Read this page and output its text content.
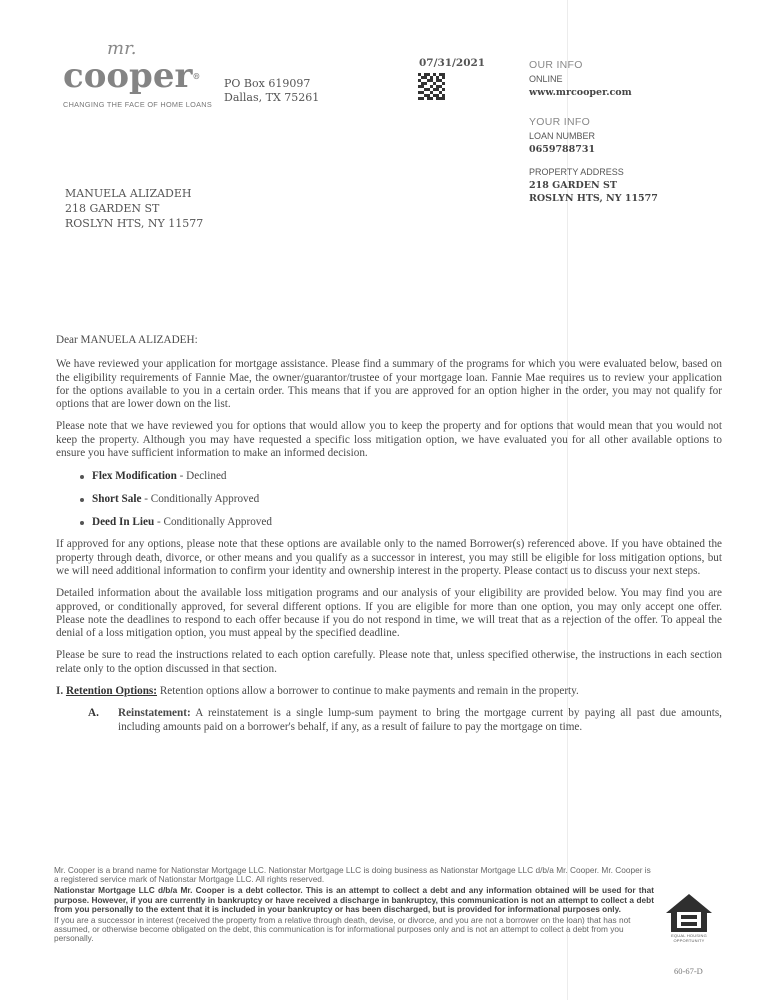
mr.
cooper®
CHANGING THE FACE OF HOME LOANS
PO Box 619097
Dallas, TX 75261
07/31/2021	OUR INFO
ONLINE
www.mrcooper.com
YOUR INFO
LOAN NUMBER
0659788731
PROPERTY ADDRESS
218 GARDEN ST
ROSLYN HTS, NY 11577
MANUELA ALIZADEH
218 GARDEN ST
ROSLYN HTS, NY 11577

Dear MANUELA ALIZADEH:

We have reviewed your application for mortgage assistance. Please find a summary of the programs for which you were evaluated below, based on the eligibility requirements of Fannie Mae, the owner/guarantor/trustee of your mortgage loan. Fannie Mae requires us to review your application for the options available to you in a certain order. This means that if you are approved for an option higher in the order, you may not qualify for options that are lower down on the list.

Please note that we have reviewed you for options that would allow you to keep the property and for options that would mean that you would not keep the property. Although you may have requested a specific loss mitigation option, we have evaluated you for all other available options to ensure you have sufficient information to make an informed decision.

Flex Modification - Declined
Short Sale - Conditionally Approved
Deed In Lieu - Conditionally Approved

If approved for any options, please note that these options are available only to the named Borrower(s) referenced above. If you have obtained the property through death, divorce, or other means and you qualify as a successor in interest, you may still be eligible for loss mitigation options, but we will need additional information to confirm your identity and ownership interest in the property. Please contact us to discuss your next steps.

Detailed information about the available loss mitigation programs and our analysis of your eligibility are provided below. You may find you are approved, or conditionally approved, for several different options. If you are eligible for more than one option, you may only accept one offer. Please note the deadlines to respond to each offer because if you do not respond in time, we will treat that as a rejection of the offer. To appeal the denial of a loss mitigation option, you must appeal by the specified deadline.

Please be sure to read the instructions related to each option carefully. Please note that, unless specified otherwise, the instructions in each section relate only to the option discussed in that section.

I. Retention Options: Retention options allow a borrower to continue to make payments and remain in the property.

A.	Reinstatement: A reinstatement is a single lump-sum payment to bring the mortgage current by paying all past due amounts, including amounts paid on a borrower's behalf, if any, as a result of failure to pay the mortgage on time.

Mr. Cooper is a brand name for Nationstar Mortgage LLC. Nationstar Mortgage LLC is doing business as Nationstar Mortgage LLC d/b/a Mr. Cooper. Mr. Cooper is a registered service mark of Nationstar Mortgage LLC. All rights reserved.

Nationstar Mortgage LLC d/b/a Mr. Cooper is a debt collector. This is an attempt to collect a debt and any information obtained will be used for that purpose. However, if you are currently in bankruptcy or have received a discharge in bankruptcy, this communication is not an attempt to collect a debt from you personally to the extent that it is included in your bankruptcy or has been discharged, but is provided for informational purposes only.

If you are a successor in interest (received the property from a relative through death, devise, or divorce, and you are not a borrower on the loan) that has not assumed, or otherwise become obligated on the debt, this communication is for informational purposes only and is not an attempt to collect a debt from you personally.	EQUAL HOUSING OPPORTUNITY
60-67-D
